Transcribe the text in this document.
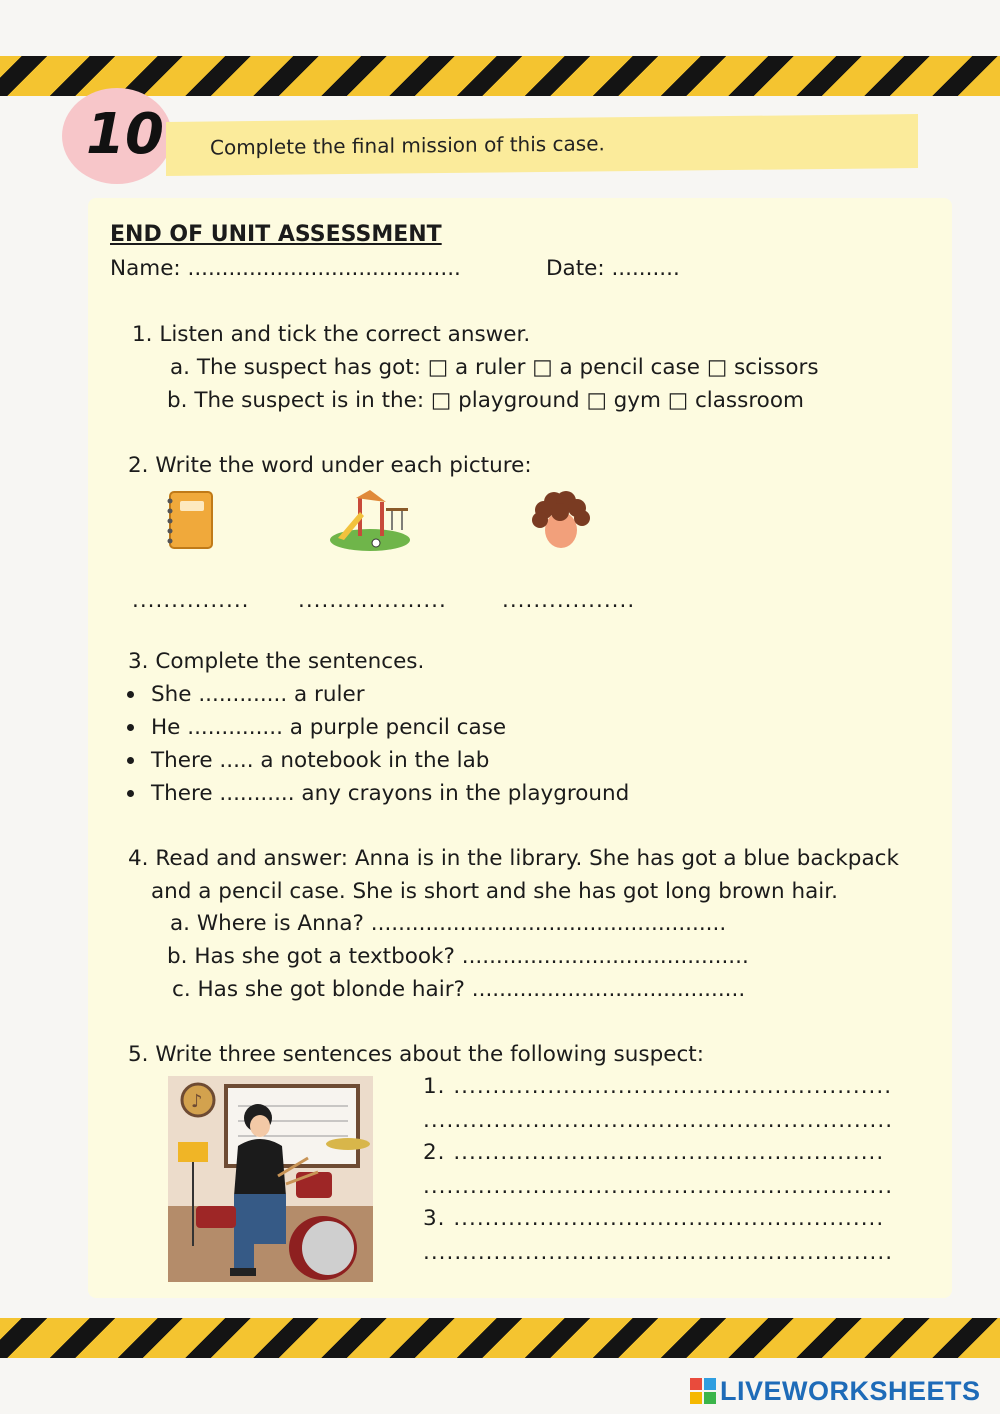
10 Complete the final mission of this case.
END OF UNIT ASSESSMENT
Name: ........................................	Date: ..........
1. Listen and tick the correct answer.
a. The suspect has got: □ a ruler □ a pencil case □ scissors
b. The suspect is in the: □ playground □ gym □ classroom
2. Write the word under each picture:
............... ...................	.................
3. Complete the sentences.
She ............. a ruler
He .............. a purple pencil case
There ..... a notebook in the lab
There ........... any crayons in the playground
4. Read and answer: Anna is in the library. She has got a blue backpack
and a pencil case. She is short and she has got long brown hair.
a. Where is Anna? ....................................................
b. Has she got a textbook? ..........................................
c. Has she got blonde hair? ........................................
5. Write three sentences about the following suspect:
♪
1. ........................................................
............................................................
2. .......................................................
............................................................
3. .......................................................
............................................................
LIVEWORKSHEETS
